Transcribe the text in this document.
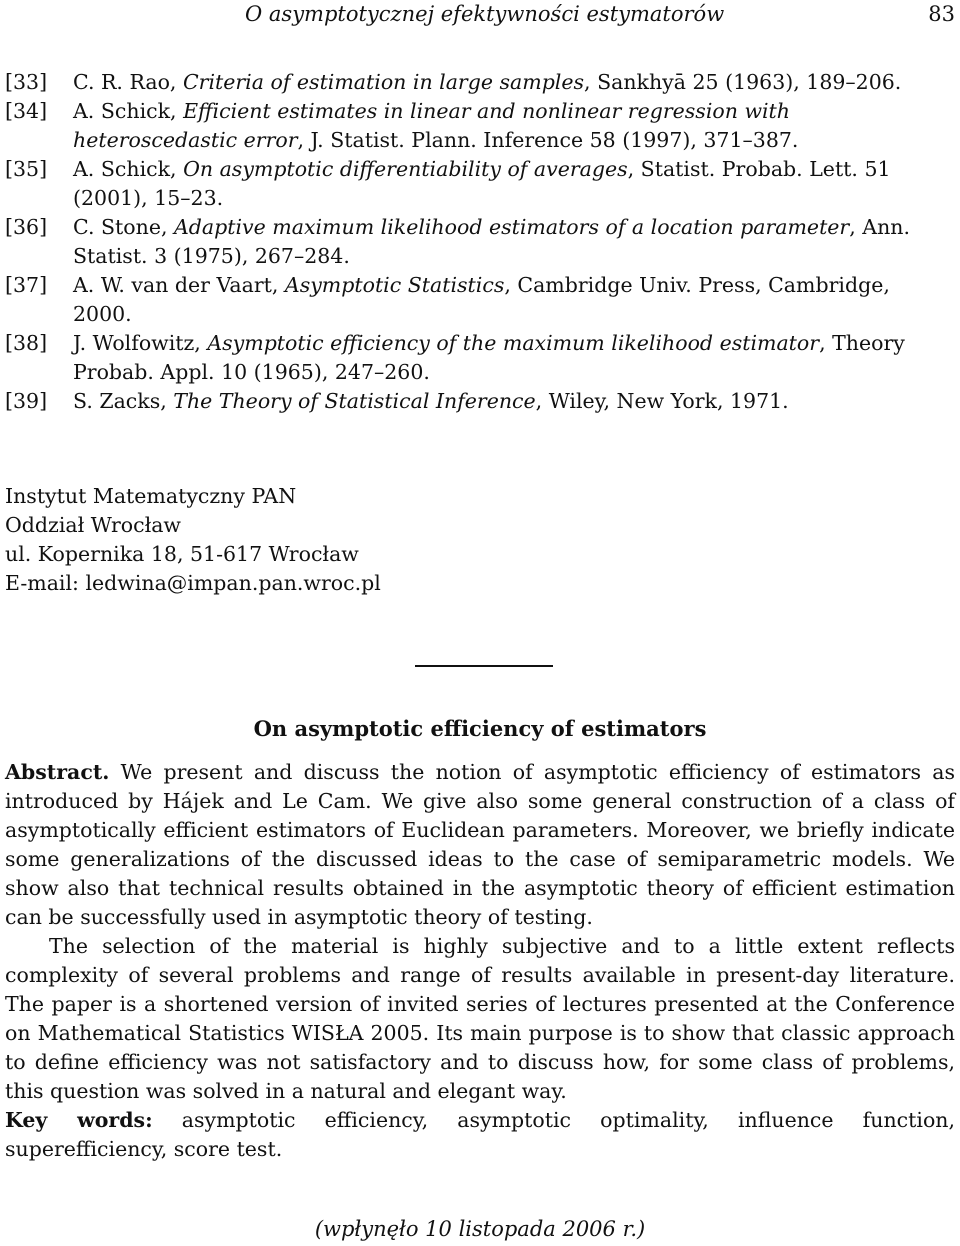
O asymptotycznej efektywności estymatorów	83

[33] C. R. Rao, Criteria of estimation in large samples, Sankhyā 25 (1963), 189–206.

[34] A. Schick, Efficient estimates in linear and nonlinear regression with heteroscedastic error, J. Statist. Plann. Inference 58 (1997), 371–387.

[35] A. Schick, On asymptotic differentiability of averages, Statist. Probab. Lett. 51 (2001), 15–23.

[36] C. Stone, Adaptive maximum likelihood estimators of a location parameter, Ann. Statist. 3 (1975), 267–284.

[37] A. W. van der Vaart, Asymptotic Statistics, Cambridge Univ. Press, Cambridge, 2000.

[38] J. Wolfowitz, Asymptotic efficiency of the maximum likelihood estimator, Theory Probab. Appl. 10 (1965), 247–260.

[39] S. Zacks, The Theory of Statistical Inference, Wiley, New York, 1971.

Instytut Matematyczny PAN
Oddział Wrocław
ul. Kopernika 18, 51-617 Wrocław
E-mail: ledwina@impan.pan.wroc.pl
On asymptotic efficiency of estimators

Abstract. We present and discuss the notion of asymptotic efficiency of estimators as introduced by Hájek and Le Cam. We give also some general construction of a class of asymptotically efficient estimators of Euclidean parameters. Moreover, we briefly indicate some generalizations of the discussed ideas to the case of semiparametric models. We show also that technical results obtained in the asymptotic theory of efficient estimation can be successfully used in asymptotic theory of testing.

The selection of the material is highly subjective and to a little extent reflects complexity of several problems and range of results available in present-day literature. The paper is a shortened version of invited series of lectures presented at the Conference on Mathematical Statistics WISŁA 2005. Its main purpose is to show that classic approach to define efficiency was not satisfactory and to discuss how, for some class of problems, this question was solved in a natural and elegant way.

Key words: asymptotic efficiency, asymptotic optimality, influence function, superefficiency, score test.

(wpłynęło 10 listopada 2006 r.)
